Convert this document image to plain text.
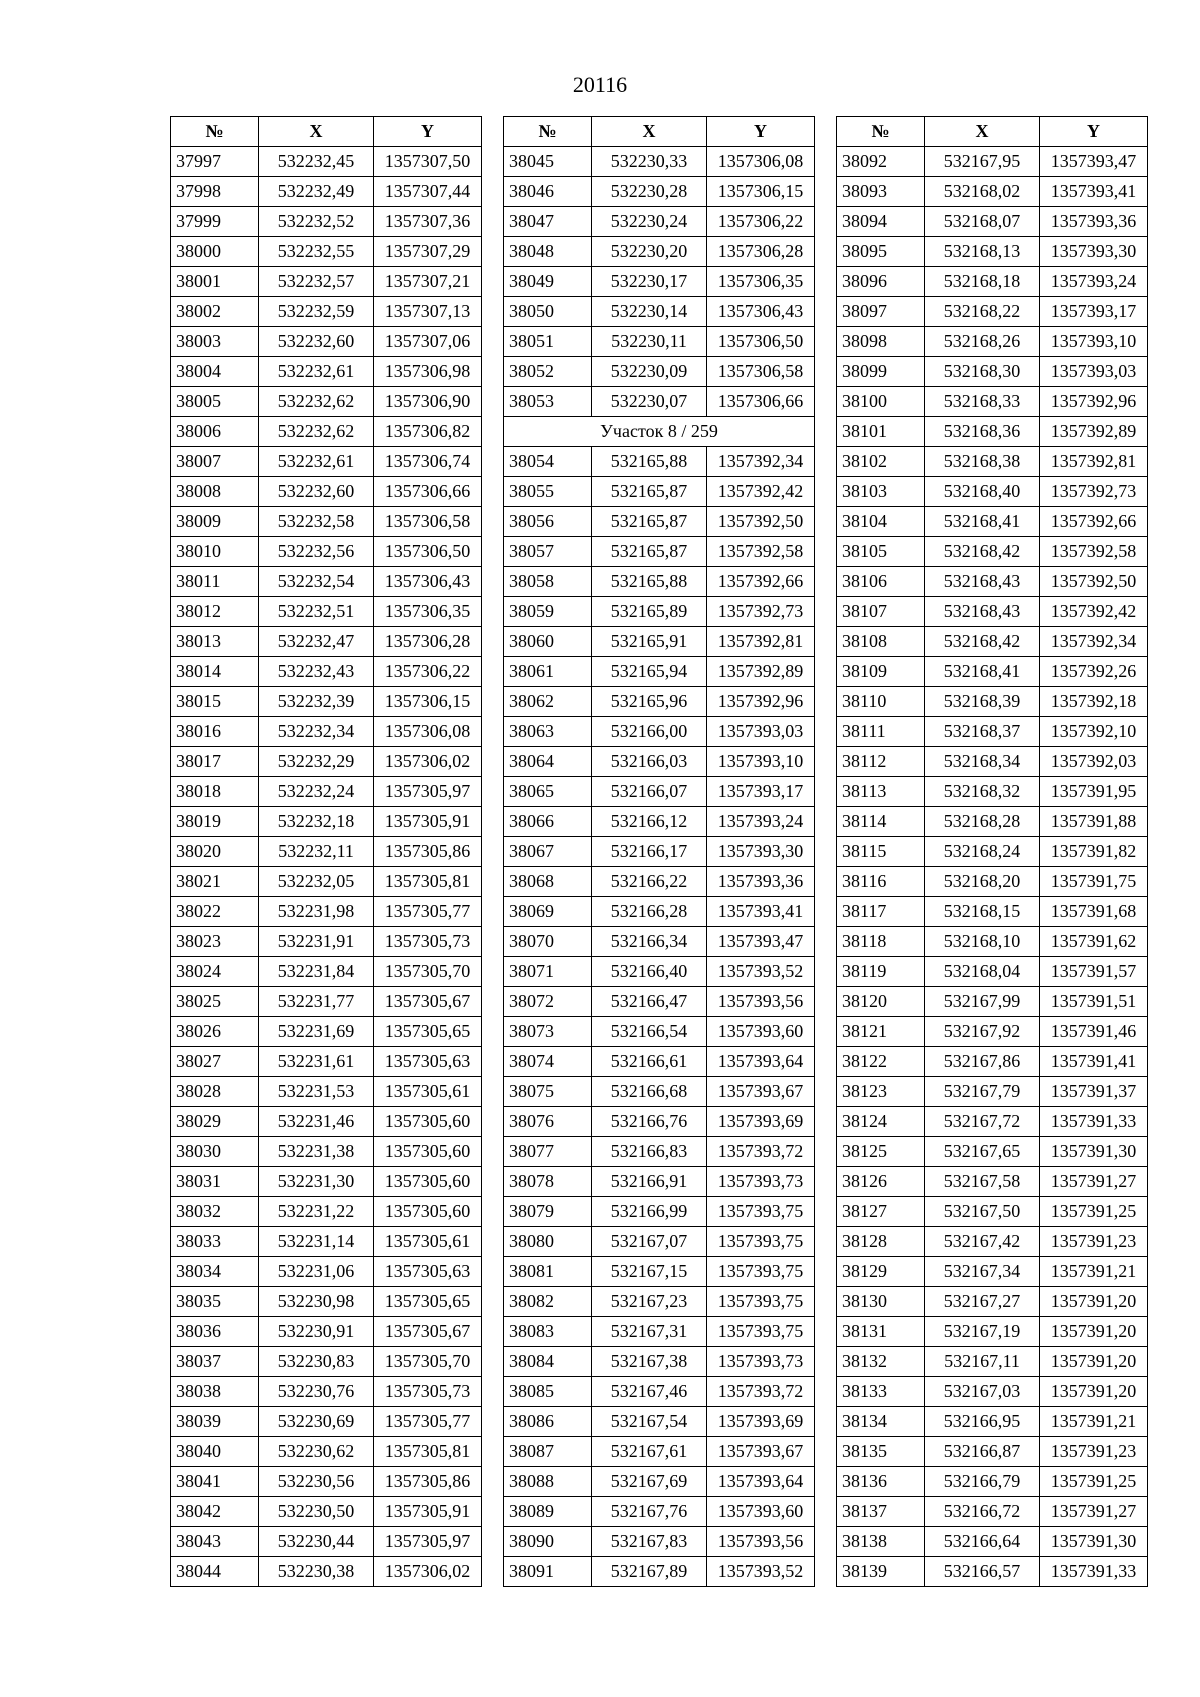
20116
№	X	Y
37997	532232,45	1357307,50
37998	532232,49	1357307,44
37999	532232,52	1357307,36
38000	532232,55	1357307,29
38001	532232,57	1357307,21
38002	532232,59	1357307,13
38003	532232,60	1357307,06
38004	532232,61	1357306,98
38005	532232,62	1357306,90
38006	532232,62	1357306,82
38007	532232,61	1357306,74
38008	532232,60	1357306,66
38009	532232,58	1357306,58
38010	532232,56	1357306,50
38011	532232,54	1357306,43
38012	532232,51	1357306,35
38013	532232,47	1357306,28
38014	532232,43	1357306,22
38015	532232,39	1357306,15
38016	532232,34	1357306,08
38017	532232,29	1357306,02
38018	532232,24	1357305,97
38019	532232,18	1357305,91
38020	532232,11	1357305,86
38021	532232,05	1357305,81
38022	532231,98	1357305,77
38023	532231,91	1357305,73
38024	532231,84	1357305,70
38025	532231,77	1357305,67
38026	532231,69	1357305,65
38027	532231,61	1357305,63
38028	532231,53	1357305,61
38029	532231,46	1357305,60
38030	532231,38	1357305,60
38031	532231,30	1357305,60
38032	532231,22	1357305,60
38033	532231,14	1357305,61
38034	532231,06	1357305,63
38035	532230,98	1357305,65
38036	532230,91	1357305,67
38037	532230,83	1357305,70
38038	532230,76	1357305,73
38039	532230,69	1357305,77
38040	532230,62	1357305,81
38041	532230,56	1357305,86
38042	532230,50	1357305,91
38043	532230,44	1357305,97
38044	532230,38	1357306,02
№	X	Y
38045	532230,33	1357306,08
38046	532230,28	1357306,15
38047	532230,24	1357306,22
38048	532230,20	1357306,28
38049	532230,17	1357306,35
38050	532230,14	1357306,43
38051	532230,11	1357306,50
38052	532230,09	1357306,58
38053	532230,07	1357306,66
Участок 8 / 259		
38054	532165,88	1357392,34
38055	532165,87	1357392,42
38056	532165,87	1357392,50
38057	532165,87	1357392,58
38058	532165,88	1357392,66
38059	532165,89	1357392,73
38060	532165,91	1357392,81
38061	532165,94	1357392,89
38062	532165,96	1357392,96
38063	532166,00	1357393,03
38064	532166,03	1357393,10
38065	532166,07	1357393,17
38066	532166,12	1357393,24
38067	532166,17	1357393,30
38068	532166,22	1357393,36
38069	532166,28	1357393,41
38070	532166,34	1357393,47
38071	532166,40	1357393,52
38072	532166,47	1357393,56
38073	532166,54	1357393,60
38074	532166,61	1357393,64
38075	532166,68	1357393,67
38076	532166,76	1357393,69
38077	532166,83	1357393,72
38078	532166,91	1357393,73
38079	532166,99	1357393,75
38080	532167,07	1357393,75
38081	532167,15	1357393,75
38082	532167,23	1357393,75
38083	532167,31	1357393,75
38084	532167,38	1357393,73
38085	532167,46	1357393,72
38086	532167,54	1357393,69
38087	532167,61	1357393,67
38088	532167,69	1357393,64
38089	532167,76	1357393,60
38090	532167,83	1357393,56
38091	532167,89	1357393,52
№	X	Y
38092	532167,95	1357393,47
38093	532168,02	1357393,41
38094	532168,07	1357393,36
38095	532168,13	1357393,30
38096	532168,18	1357393,24
38097	532168,22	1357393,17
38098	532168,26	1357393,10
38099	532168,30	1357393,03
38100	532168,33	1357392,96
38101	532168,36	1357392,89
38102	532168,38	1357392,81
38103	532168,40	1357392,73
38104	532168,41	1357392,66
38105	532168,42	1357392,58
38106	532168,43	1357392,50
38107	532168,43	1357392,42
38108	532168,42	1357392,34
38109	532168,41	1357392,26
38110	532168,39	1357392,18
38111	532168,37	1357392,10
38112	532168,34	1357392,03
38113	532168,32	1357391,95
38114	532168,28	1357391,88
38115	532168,24	1357391,82
38116	532168,20	1357391,75
38117	532168,15	1357391,68
38118	532168,10	1357391,62
38119	532168,04	1357391,57
38120	532167,99	1357391,51
38121	532167,92	1357391,46
38122	532167,86	1357391,41
38123	532167,79	1357391,37
38124	532167,72	1357391,33
38125	532167,65	1357391,30
38126	532167,58	1357391,27
38127	532167,50	1357391,25
38128	532167,42	1357391,23
38129	532167,34	1357391,21
38130	532167,27	1357391,20
38131	532167,19	1357391,20
38132	532167,11	1357391,20
38133	532167,03	1357391,20
38134	532166,95	1357391,21
38135	532166,87	1357391,23
38136	532166,79	1357391,25
38137	532166,72	1357391,27
38138	532166,64	1357391,30
38139	532166,57	1357391,33
